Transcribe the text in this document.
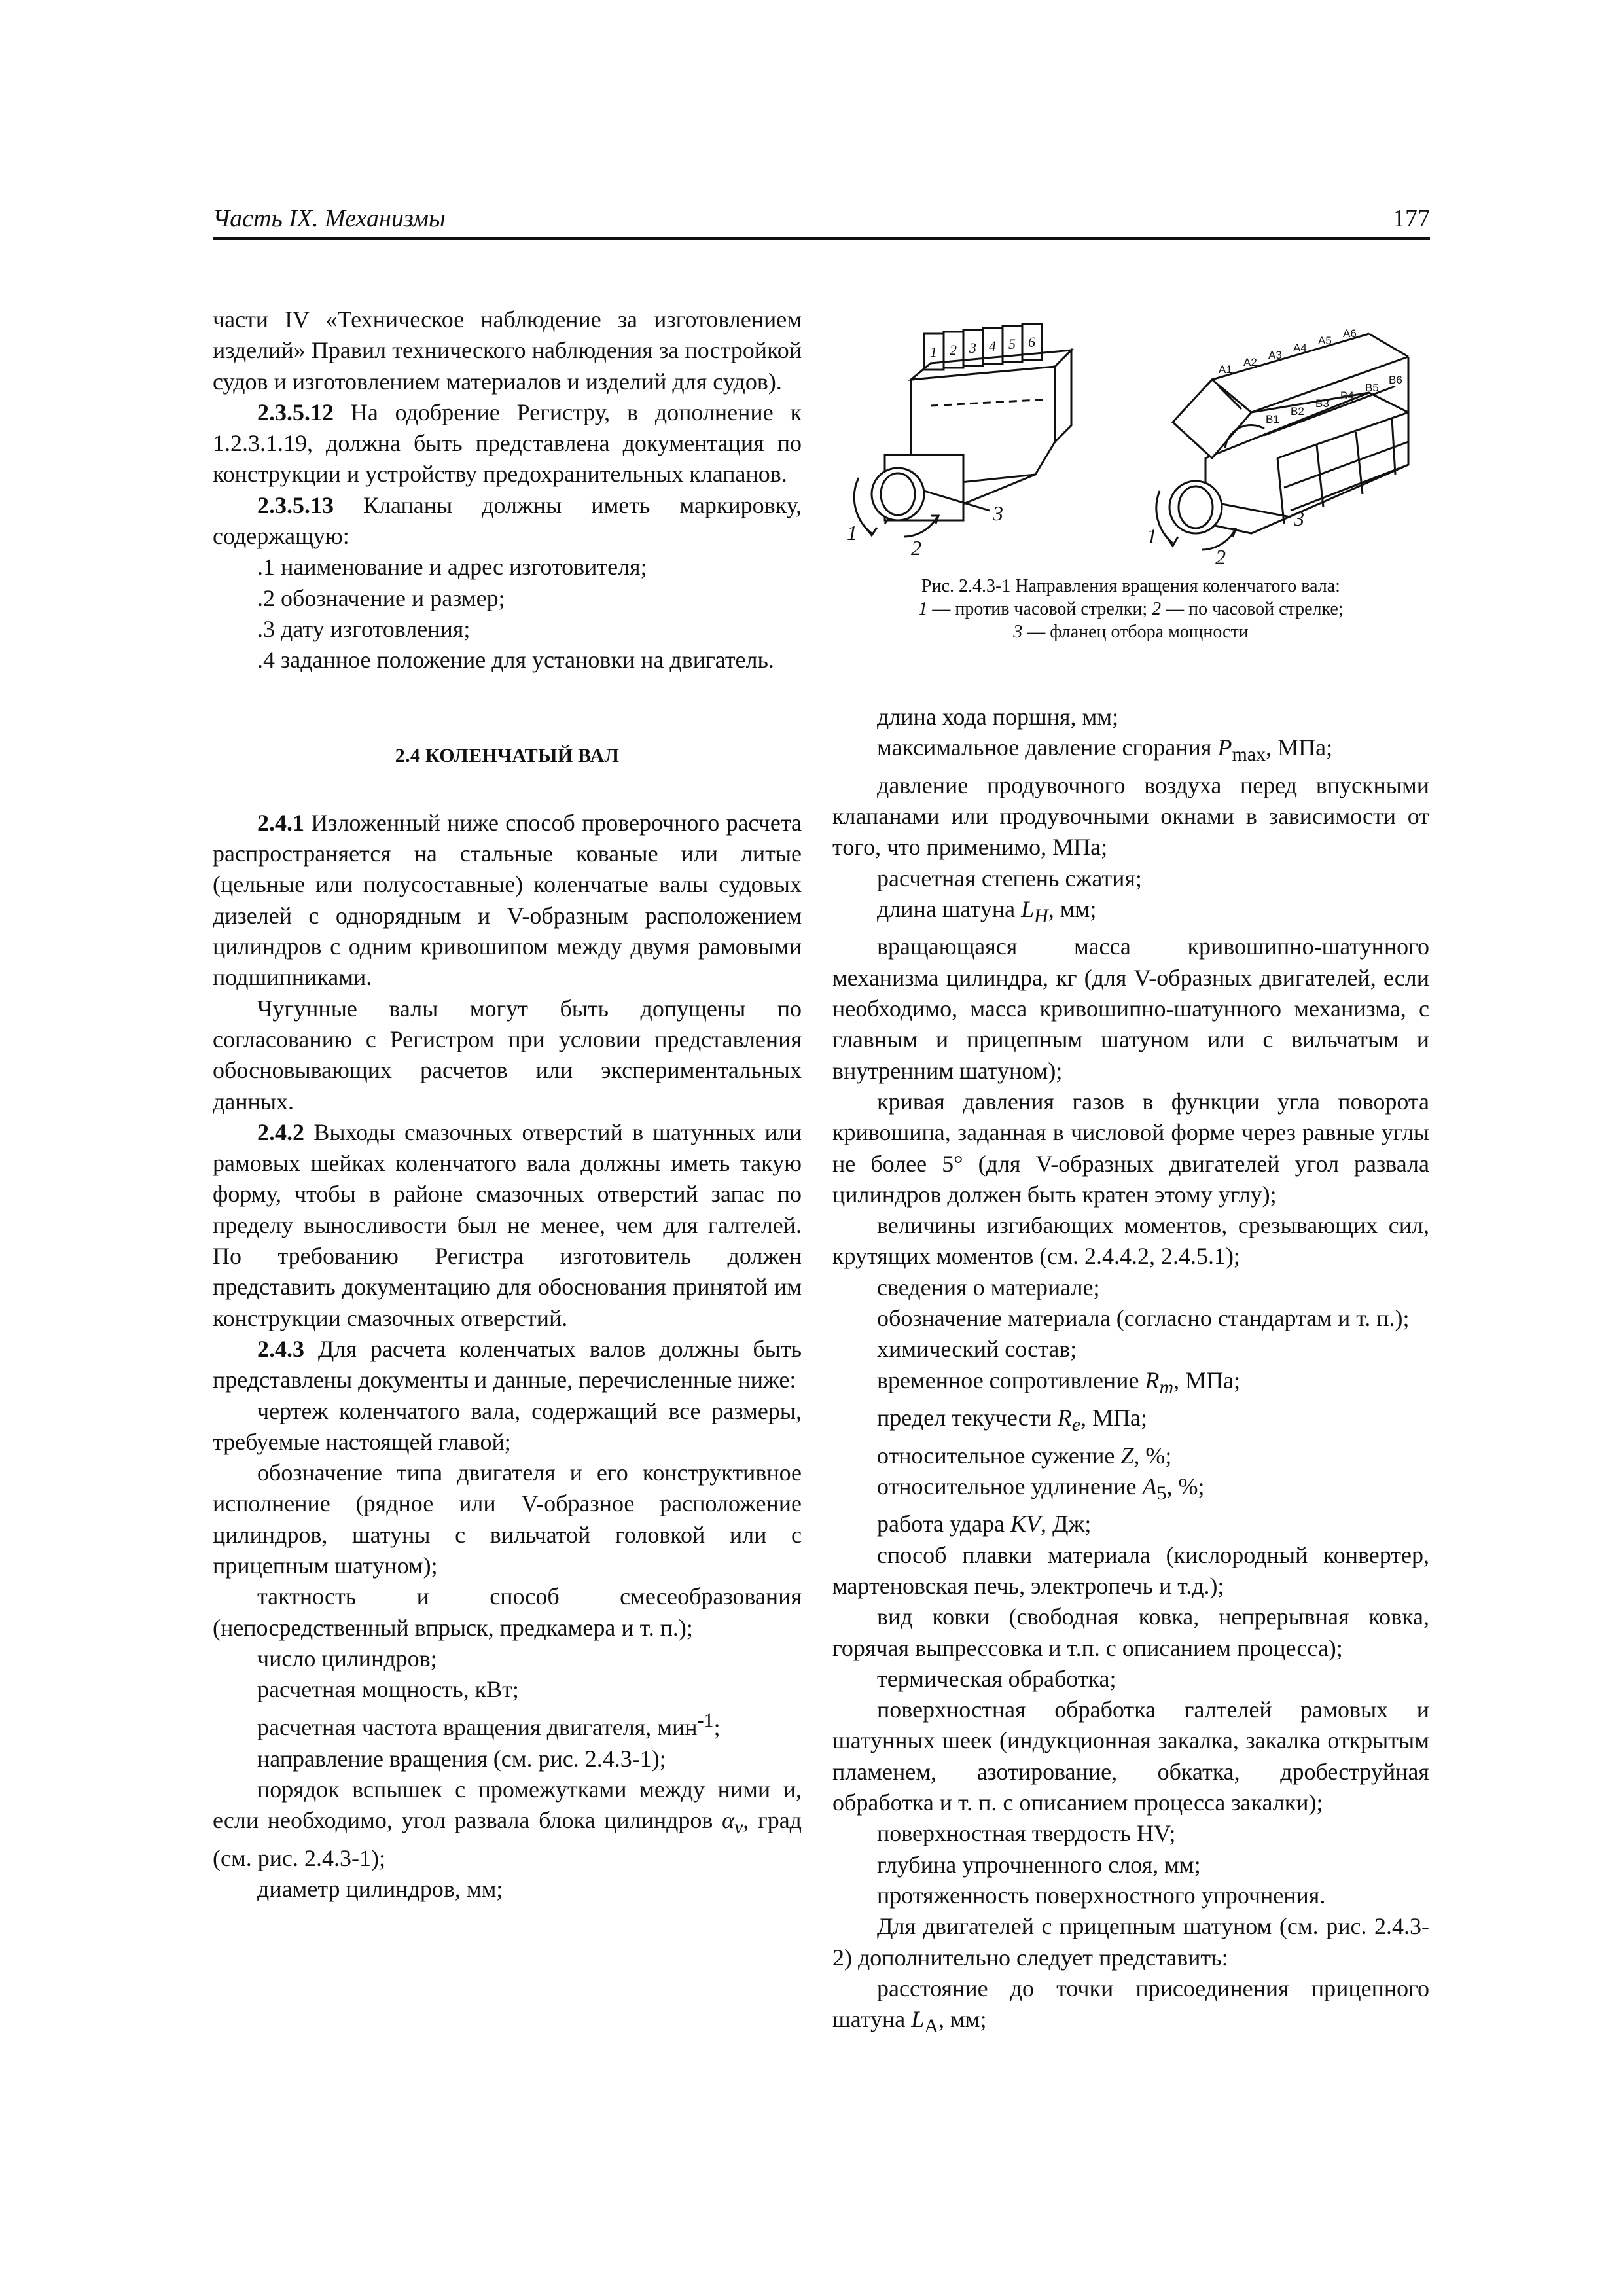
Часть IX. Механизмы	177

части IV «Техническое наблюдение за изготовлением изделий» Правил технического наблюдения за постройкой судов и изготовлением материалов и изделий для судов).

2.3.5.12 На одобрение Регистру, в дополнение к 1.2.3.1.19, должна быть представлена документация по конструкции и устройству предохранительных клапанов.

2.3.5.13 Клапаны должны иметь маркировку, содержащую:

.1 наименование и адрес изготовителя;

.2 обозначение и размер;

.3 дату изготовления;

.4 заданное положение для установки на двигатель.

2.4 КОЛЕНЧАТЫЙ ВАЛ

2.4.1 Изложенный ниже способ проверочного расчета распространяется на стальные кованые или литые (цельные или полусоставные) коленчатые валы судовых дизелей с однорядным и V-образным расположением цилиндров с одним кривошипом между двумя рамовыми подшипниками.

Чугунные валы могут быть допущены по согласованию с Регистром при условии представления обосновывающих расчетов или экспериментальных данных.

2.4.2 Выходы смазочных отверстий в шатунных или рамовых шейках коленчатого вала должны иметь такую форму, чтобы в районе смазочных отверстий запас по пределу выносливости был не менее, чем для галтелей. По требованию Регистра изготовитель должен представить документацию для обоснования принятой им конструкции смазочных отверстий.

2.4.3 Для расчета коленчатых валов должны быть представлены документы и данные, перечисленные ниже:

чертеж коленчатого вала, содержащий все размеры, требуемые настоящей главой;

обозначение типа двигателя и его конструктивное исполнение (рядное или V-образное расположение цилиндров, шатуны с вильчатой головкой или с прицепным шатуном);

тактность и способ смесеобразования (непосредственный впрыск, предкамера и т. п.);

число цилиндров;

расчетная мощность, кВт;

расчетная частота вращения двигателя, мин$^{-1}$;

направление вращения (см. рис. 2.4.3-1);

порядок вспышек с промежутками между ними и, если необходимо, угол развала блока цилиндров $\alpha_v$, град (см. рис. 2.4.3-1);

диаметр цилиндров, мм;

1 2 3 4 5 6
A1
A2
A3
A4
A5
A6
B1
B2
B3
B4
B5
B6
1
2
3
1
2
3
Рис. 2.4.3-1 Направления вращения коленчатого вала:
1 — против часовой стрелки; 2 — по часовой стрелке;
3 — фланец отбора мощности

длина хода поршня, мм;

максимальное давление сгорания $P_{max}$, МПа;

давление продувочного воздуха перед впускными клапанами или продувочными окнами в зависимости от того, что применимо, МПа;

расчетная степень сжатия;

длина шатуна $L_H$, мм;

вращающаяся масса кривошипно-шатунного механизма цилиндра, кг (для V-образных двигателей, если необходимо, масса кривошипно-шатунного механизма, с главным и прицепным шатуном или с вильчатым и внутренним шатуном);

кривая давления газов в функции угла поворота кривошипа, заданная в числовой форме через равные углы не более 5° (для V-образных двигателей угол развала цилиндров должен быть кратен этому углу);

величины изгибающих моментов, срезывающих сил, крутящих моментов (см. 2.4.4.2, 2.4.5.1);

сведения о материале;

обозначение материала (согласно стандартам и т. п.);

химический состав;

временное сопротивление $R_m$, МПа;

предел текучести $R_e$, МПа;

относительное сужение Z, %;

относительное удлинение $A_5$, %;

работа удара KV, Дж;

способ плавки материала (кислородный конвертер, мартеновская печь, электропечь и т.д.);

вид ковки (свободная ковка, непрерывная ковка, горячая выпрессовка и т.п. с описанием процесса);

термическая обработка;

поверхностная обработка галтелей рамовых и шатунных шеек (индукционная закалка, закалка открытым пламенем, азотирование, обкатка, дробеструйная обработка и т. п. с описанием процесса закалки);

поверхностная твердость HV;

глубина упрочненного слоя, мм;

протяженность поверхностного упрочнения.

Для двигателей с прицепным шатуном (см. рис. 2.4.3-2) дополнительно следует представить:

расстояние до точки присоединения прицепного шатуна $L_A$, мм;
